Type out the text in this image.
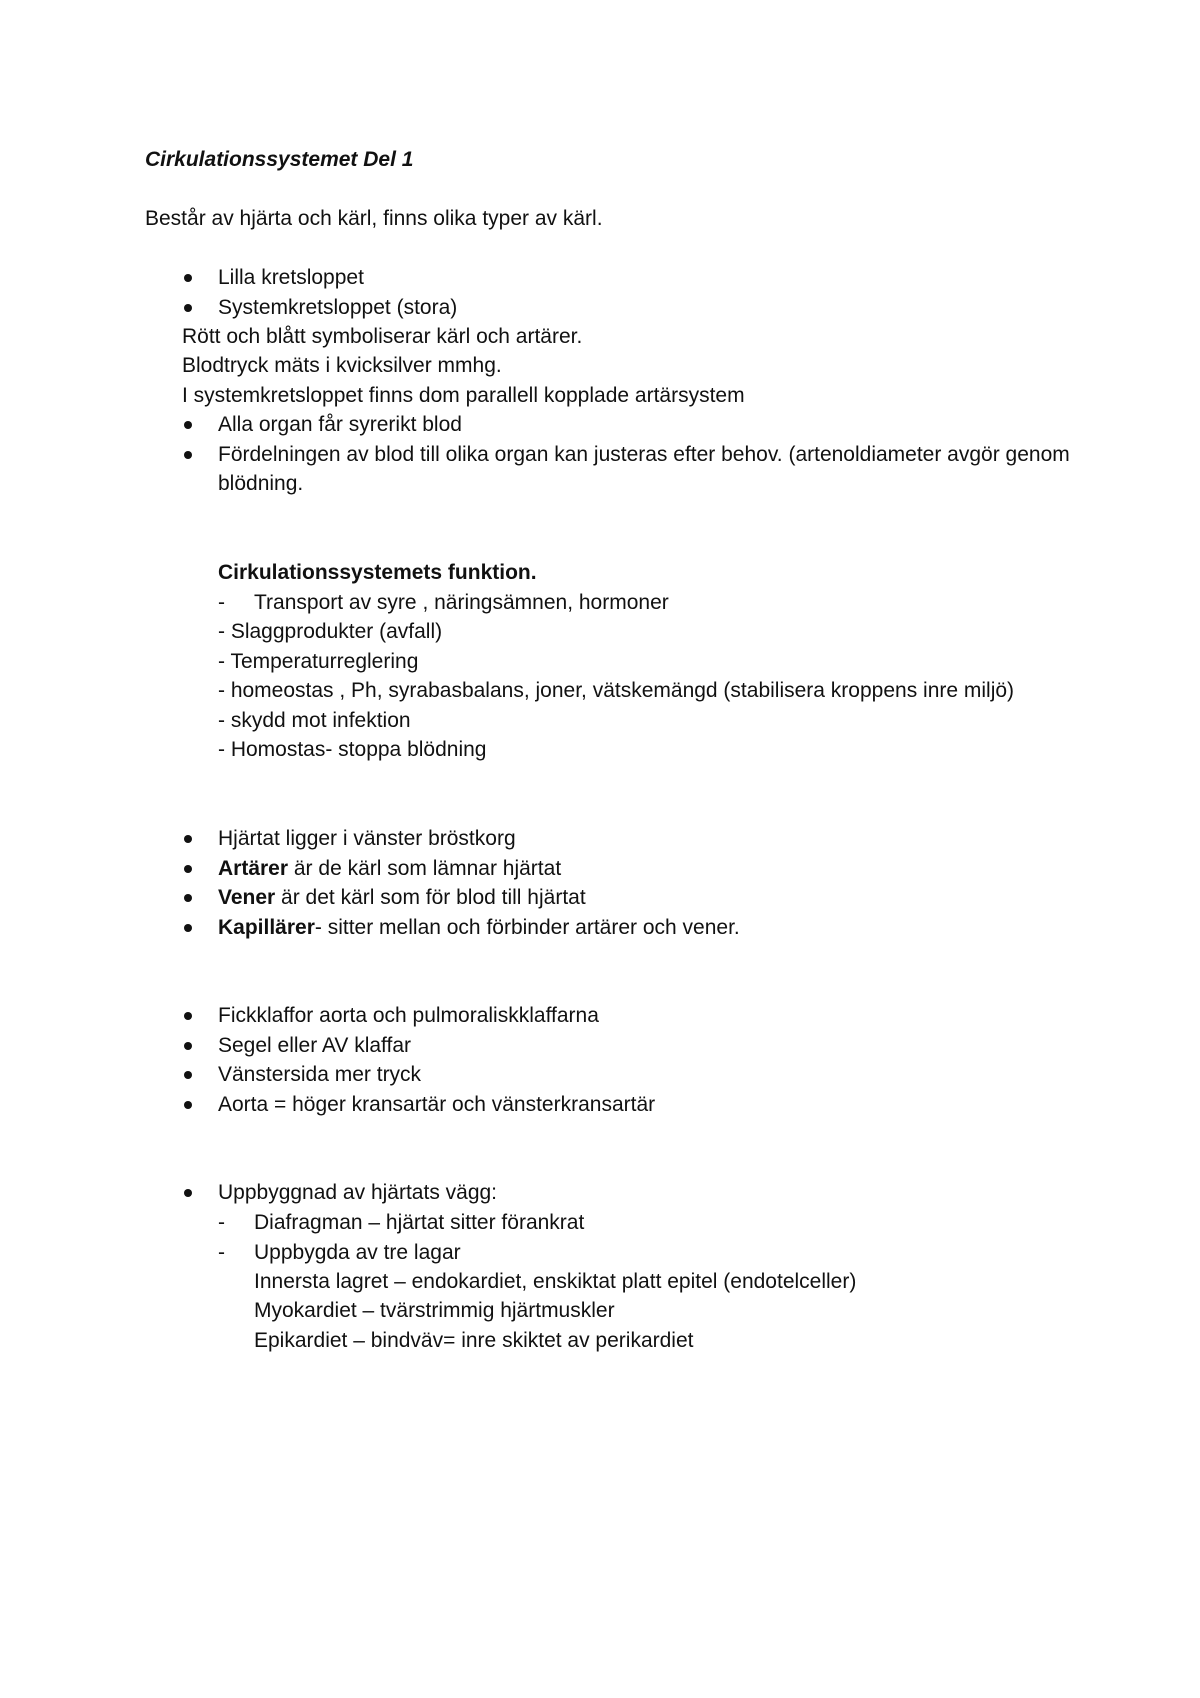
Cirkulationssystemet Del 1
Består av hjärta och kärl, finns olika typer av kärl.
Lilla kretsloppet
Systemkretsloppet (stora)
Rött och blått symboliserar kärl och artärer.
Blodtryck mäts i kvicksilver mmhg.
I systemkretsloppet finns dom parallell kopplade artärsystem
Alla organ får syrerikt blod
Fördelningen av blod till olika organ kan justeras efter behov. (artenoldiameter avgör genom blödning.
Cirkulationssystemets funktion.
- Transport av syre , näringsämnen, hormoner
- Slaggprodukter (avfall)
- Temperaturreglering
- homeostas , Ph, syrabasbalans, joner, vätskemängd (stabilisera kroppens inre miljö)
- skydd mot infektion
- Homostas- stoppa blödning
Hjärtat ligger i vänster bröstkorg
Artärer är de kärl som lämnar hjärtat
Vener är det kärl som för blod till hjärtat
Kapillärer- sitter mellan och förbinder artärer och vener.
Fickklaffor aorta och pulmoraliskklaffarna
Segel eller AV klaffar
Vänstersida mer tryck
Aorta = höger kransartär och vänsterkransartär
Uppbyggnad av hjärtats vägg:
- Diafragman – hjärtat sitter förankrat
- Uppbygda av tre lagar
Innersta lagret – endokardiet, enskiktat platt epitel (endotelceller)
Myokardiet – tvärstrimmig hjärtmuskler
Epikardiet – bindväv= inre skiktet av perikardiet
